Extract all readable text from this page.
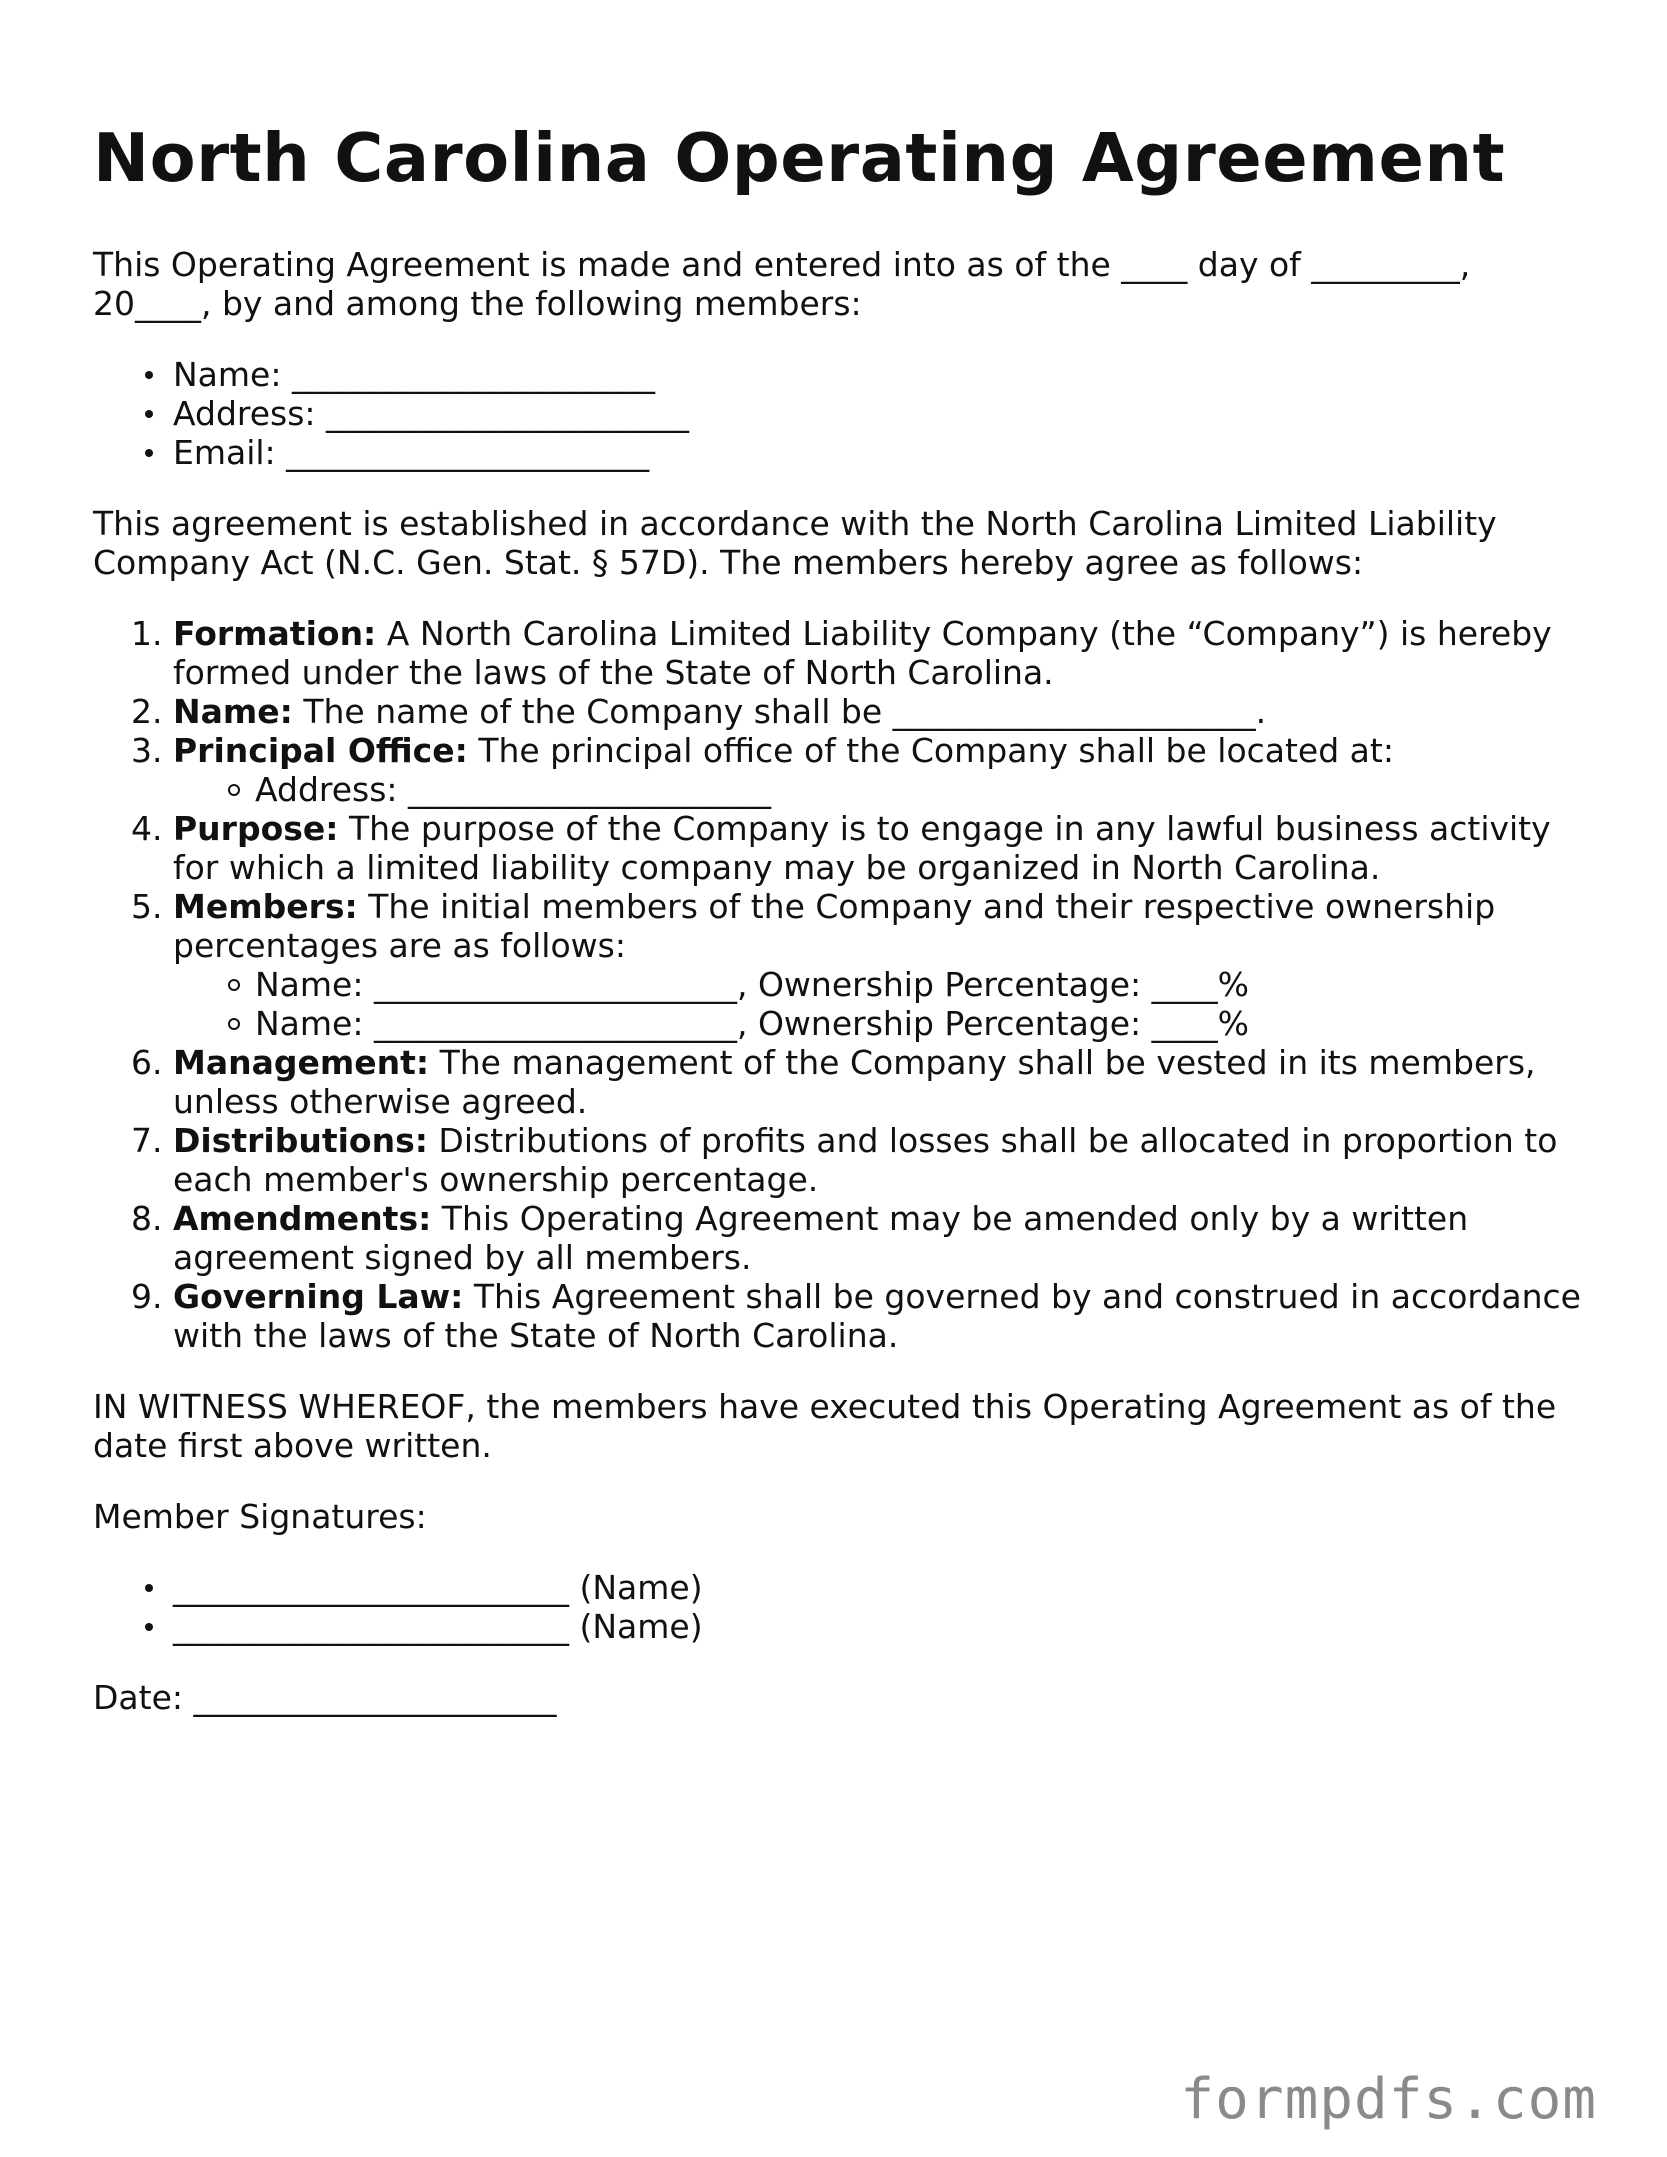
North Carolina Operating Agreement

This Operating Agreement is made and entered into as of the ____ day of _________, 20____, by and among the following members:

Name: ______________________
Address: ______________________
Email: ______________________

This agreement is established in accordance with the North Carolina Limited Liability Company Act (N.C. Gen. Stat. § 57D). The members hereby agree as follows:

1. Formation: A North Carolina Limited Liability Company (the “Company”) is hereby formed under the laws of the State of North Carolina.
2. Name: The name of the Company shall be ______________________.
3. Principal Office: The principal office of the Company shall be located at:
Address: ______________________
4. Purpose: The purpose of the Company is to engage in any lawful business activity for which a limited liability company may be organized in North Carolina.
5. Members: The initial members of the Company and their respective ownership percentages are as follows:
Name: ______________________, Ownership Percentage: ____%
Name: ______________________, Ownership Percentage: ____%
6. Management: The management of the Company shall be vested in its members, unless otherwise agreed.
7. Distributions: Distributions of profits and losses shall be allocated in proportion to each member's ownership percentage.
8. Amendments: This Operating Agreement may be amended only by a written agreement signed by all members.
9. Governing Law: This Agreement shall be governed by and construed in accordance with the laws of the State of North Carolina.

IN WITNESS WHEREOF, the members have executed this Operating Agreement as of the date first above written.

Member Signatures:

________________________ (Name)
________________________ (Name)

Date: ______________________

formpdfs.com
